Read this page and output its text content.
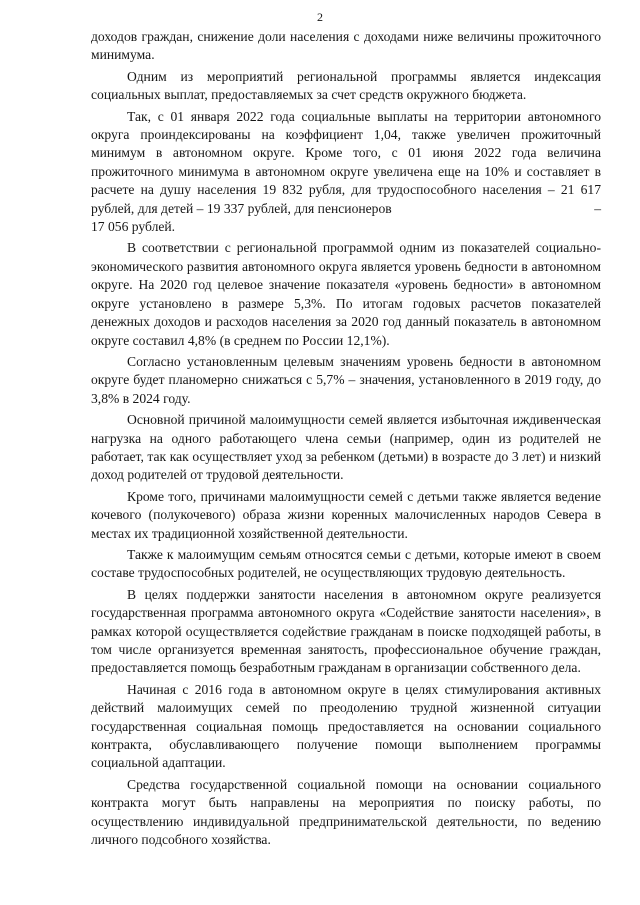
2

доходов граждан, снижение доли населения с доходами ниже величины прожиточного минимума.

Одним из мероприятий региональной программы является индексация социальных выплат, предоставляемых за счет средств окружного бюджета.

Так, с 01 января 2022 года социальные выплаты на территории автономного округа проиндексированы на коэффициент 1,04, также увеличен прожиточный минимум в автономном округе. Кроме того, с 01 июня 2022 года величина прожиточного минимума в автономном округе увеличена еще на 10% и составляет в расчете на душу населения 19 832 рубля, для трудоспособного населения – 21 617 рублей, для детей – 19 337 рублей, для пенсионеров	–

17 056 рублей.

В соответствии с региональной программой одним из показателей социально-экономического развития автономного округа является уровень бедности в автономном округе. На 2020 год целевое значение показателя «уровень бедности» в автономном округе установлено в размере 5,3%. По итогам годовых расчетов показателей денежных доходов и расходов населения за 2020 год данный показатель в автономном округе составил 4,8% (в среднем по России 12,1%).

Согласно установленным целевым значениям уровень бедности в автономном округе будет планомерно снижаться с 5,7% – значения, установленного в 2019 году, до 3,8% в 2024 году.

Основной причиной малоимущности семей является избыточная иждивенческая нагрузка на одного работающего члена семьи (например, один из родителей не работает, так как осуществляет уход за ребенком (детьми) в возрасте до 3 лет) и низкий доход родителей от трудовой деятельности.

Кроме того, причинами малоимущности семей с детьми также является ведение кочевого (полукочевого) образа жизни коренных малочисленных народов Севера в местах их традиционной хозяйственной деятельности.

Также к малоимущим семьям относятся семьи с детьми, которые имеют в своем составе трудоспособных родителей, не осуществляющих трудовую деятельность.

В целях поддержки занятости населения в автономном округе реализуется государственная программа автономного округа «Содействие занятости населения», в рамках которой осуществляется содействие гражданам в поиске подходящей работы, в том числе организуется временная занятость, профессиональное обучение граждан, предоставляется помощь безработным гражданам в организации собственного дела.

Начиная с 2016 года в автономном округе в целях стимулирования активных действий малоимущих семей по преодолению трудной жизненной ситуации государственная социальная помощь предоставляется на основании социального контракта, обуславливающего получение помощи выполнением программы социальной адаптации.

Средства государственной социальной помощи на основании социального контракта могут быть направлены на мероприятия по поиску работы, по осуществлению индивидуальной предпринимательской деятельности, по ведению личного подсобного хозяйства.
